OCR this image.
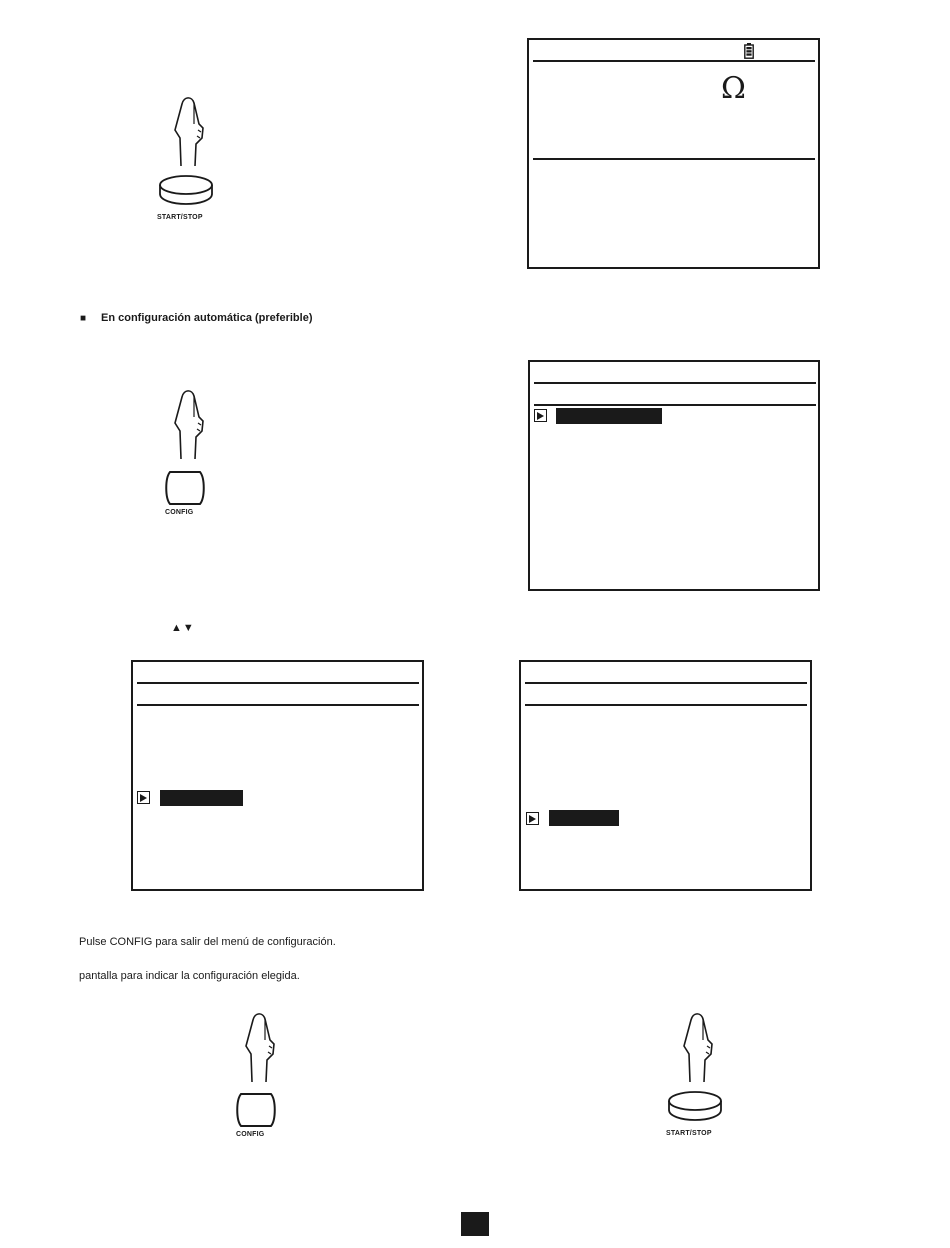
START/STOP
Ω
■ En configuración automática (preferible)
CONFIG
▲▼
Pulse CONFIG para salir del menú de configuración.
pantalla para indicar la configuración elegida.
CONFIG	START/STOP
